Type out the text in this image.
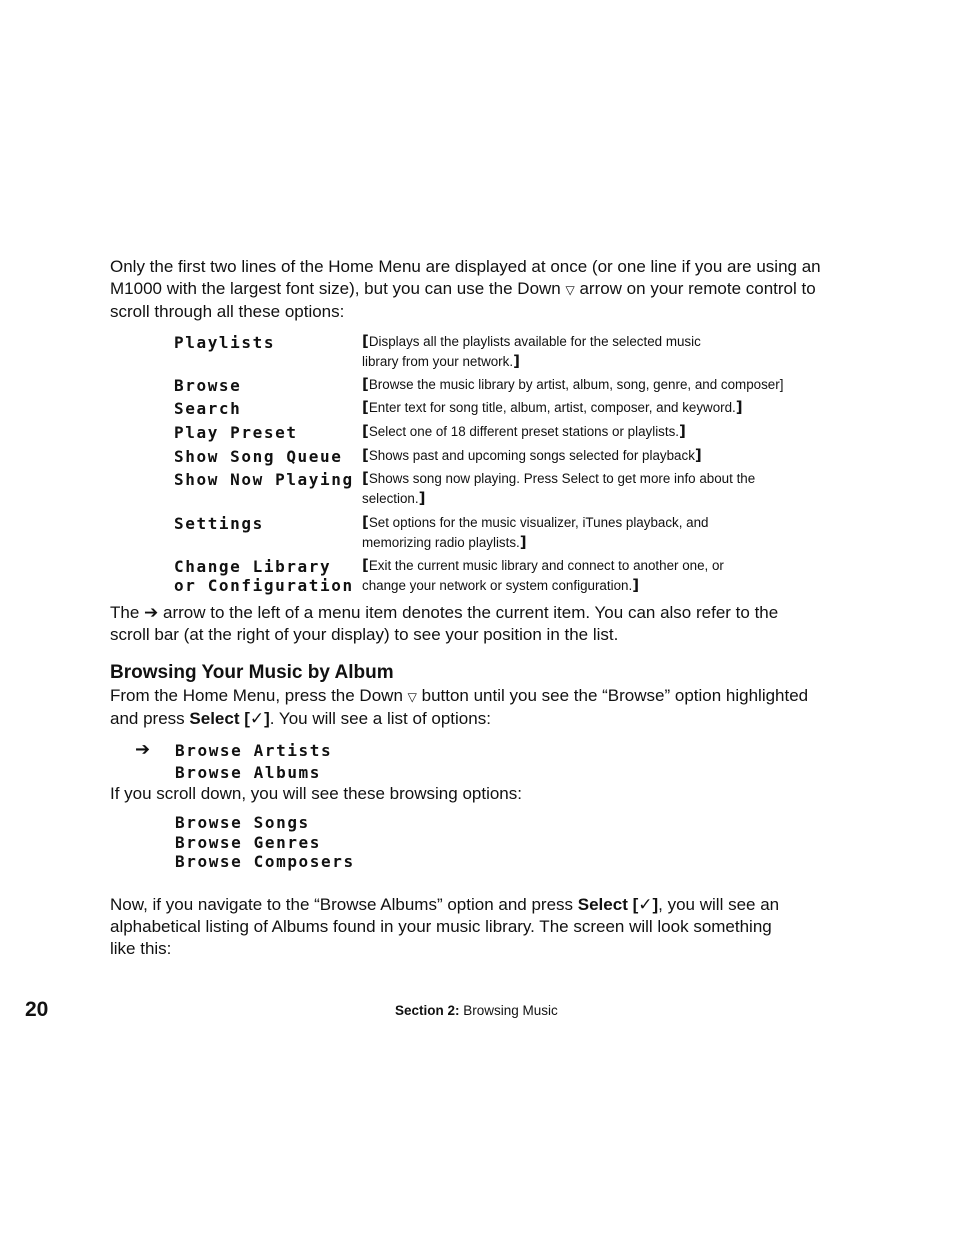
Only the first two lines of the Home Menu are displayed at once (or one line if you are using an
M1000 with the largest font size), but you can use the Down ▽ arrow on your remote control to
scroll through all these options:
Playlists	[Displays all the playlists available for the selected music
library from your network.]
Browse	[Browse the music library by artist, album, song, genre, and composer]
Search	[Enter text for song title, album, artist, composer, and keyword.]
Play Preset	[Select one of 18 different preset stations or playlists.]
Show Song Queue [Shows past and upcoming songs selected for playback]
Show Now Playing [Shows song now playing. Press Select to get more info about the
selection.]
Settings	[Set options for the music visualizer, iTunes playback, and
memorizing radio playlists.]
Change Library
or Configuration
[Exit the current music library and connect to another one, or
change your network or system configuration.]
The ➔ arrow to the left of a menu item denotes the current item. You can also refer to the
scroll bar (at the right of your display) to see your position in the list.
Browsing Your Music by Album
From the Home Menu, press the Down ▽ button until you see the “Browse” option highlighted
and press Select [✓]. You will see a list of options:
➔ Browse Artists
Browse Albums
If you scroll down, you will see these browsing options:
Browse Songs
Browse Genres
Browse Composers
Now, if you navigate to the “Browse Albums” option and press Select [✓], you will see an
alphabetical listing of Albums found in your music library. The screen will look something
like this:
20	Section 2: Browsing Music
